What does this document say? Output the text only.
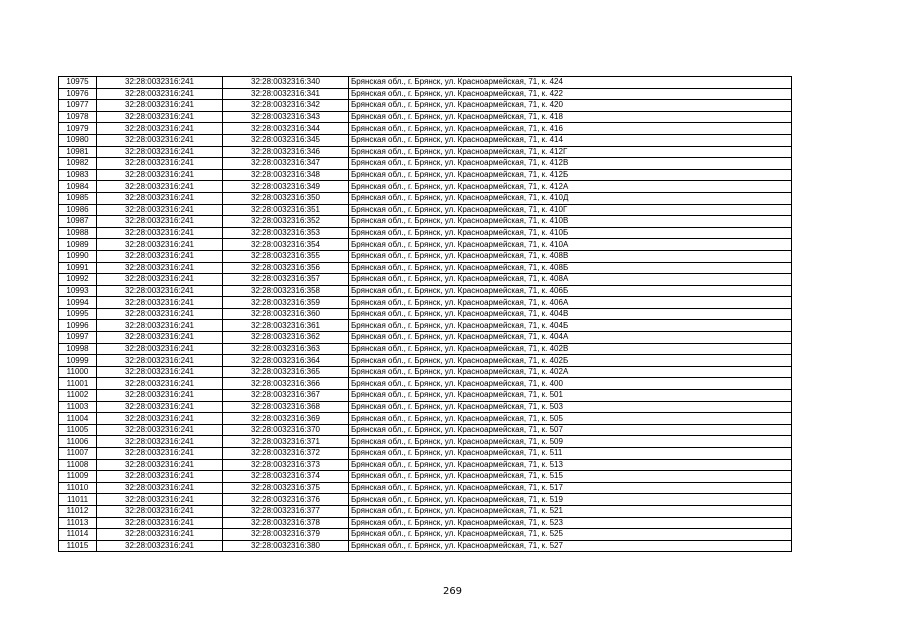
10975	32:28:0032316:241	32:28:0032316:340	Брянская обл., г. Брянск, ул. Красноармейская, 71, к. 424
10976	32:28:0032316:241	32:28:0032316:341	Брянская обл., г. Брянск, ул. Красноармейская, 71, к. 422
10977	32:28:0032316:241	32:28:0032316:342	Брянская обл., г. Брянск, ул. Красноармейская, 71, к. 420
10978	32:28:0032316:241	32:28:0032316:343	Брянская обл., г. Брянск, ул. Красноармейская, 71, к. 418
10979	32:28:0032316:241	32:28:0032316:344	Брянская обл., г. Брянск, ул. Красноармейская, 71, к. 416
10980	32:28:0032316:241	32:28:0032316:345	Брянская обл., г. Брянск, ул. Красноармейская, 71, к. 414
10981	32:28:0032316:241	32:28:0032316:346	Брянская обл., г. Брянск, ул. Красноармейская, 71, к. 412Г
10982	32:28:0032316:241	32:28:0032316:347	Брянская обл., г. Брянск, ул. Красноармейская, 71, к. 412В
10983	32:28:0032316:241	32:28:0032316:348	Брянская обл., г. Брянск, ул. Красноармейская, 71, к. 412Б
10984	32:28:0032316:241	32:28:0032316:349	Брянская обл., г. Брянск, ул. Красноармейская, 71, к. 412А
10985	32:28:0032316:241	32:28:0032316:350	Брянская обл., г. Брянск, ул. Красноармейская, 71, к. 410Д
10986	32:28:0032316:241	32:28:0032316:351	Брянская обл., г. Брянск, ул. Красноармейская, 71, к. 410Г
10987	32:28:0032316:241	32:28:0032316:352	Брянская обл., г. Брянск, ул. Красноармейская, 71, к. 410В
10988	32:28:0032316:241	32:28:0032316:353	Брянская обл., г. Брянск, ул. Красноармейская, 71, к. 410Б
10989	32:28:0032316:241	32:28:0032316:354	Брянская обл., г. Брянск, ул. Красноармейская, 71, к. 410А
10990	32:28:0032316:241	32:28:0032316:355	Брянская обл., г. Брянск, ул. Красноармейская, 71, к. 408В
10991	32:28:0032316:241	32:28:0032316:356	Брянская обл., г. Брянск, ул. Красноармейская, 71, к. 408Б
10992	32:28:0032316:241	32:28:0032316:357	Брянская обл., г. Брянск, ул. Красноармейская, 71, к. 408А
10993	32:28:0032316:241	32:28:0032316:358	Брянская обл., г. Брянск, ул. Красноармейская, 71, к. 406Б
10994	32:28:0032316:241	32:28:0032316:359	Брянская обл., г. Брянск, ул. Красноармейская, 71, к. 406А
10995	32:28:0032316:241	32:28:0032316:360	Брянская обл., г. Брянск, ул. Красноармейская, 71, к. 404В
10996	32:28:0032316:241	32:28:0032316:361	Брянская обл., г. Брянск, ул. Красноармейская, 71, к. 404Б
10997	32:28:0032316:241	32:28:0032316:362	Брянская обл., г. Брянск, ул. Красноармейская, 71, к. 404А
10998	32:28:0032316:241	32:28:0032316:363	Брянская обл., г. Брянск, ул. Красноармейская, 71, к. 402В
10999	32:28:0032316:241	32:28:0032316:364	Брянская обл., г. Брянск, ул. Красноармейская, 71, к. 402Б
11000	32:28:0032316:241	32:28:0032316:365	Брянская обл., г. Брянск, ул. Красноармейская, 71, к. 402А
11001	32:28:0032316:241	32:28:0032316:366	Брянская обл., г. Брянск, ул. Красноармейская, 71, к. 400
11002	32:28:0032316:241	32:28:0032316:367	Брянская обл., г. Брянск, ул. Красноармейская, 71, к. 501
11003	32:28:0032316:241	32:28:0032316:368	Брянская обл., г. Брянск, ул. Красноармейская, 71, к. 503
11004	32:28:0032316:241	32:28:0032316:369	Брянская обл., г. Брянск, ул. Красноармейская, 71, к. 505
11005	32:28:0032316:241	32:28:0032316:370	Брянская обл., г. Брянск, ул. Красноармейская, 71, к. 507
11006	32:28:0032316:241	32:28:0032316:371	Брянская обл., г. Брянск, ул. Красноармейская, 71, к. 509
11007	32:28:0032316:241	32:28:0032316:372	Брянская обл., г. Брянск, ул. Красноармейская, 71, к. 511
11008	32:28:0032316:241	32:28:0032316:373	Брянская обл., г. Брянск, ул. Красноармейская, 71, к. 513
11009	32:28:0032316:241	32:28:0032316:374	Брянская обл., г. Брянск, ул. Красноармейская, 71, к. 515
11010	32:28:0032316:241	32:28:0032316:375	Брянская обл., г. Брянск, ул. Красноармейская, 71, к. 517
11011	32:28:0032316:241	32:28:0032316:376	Брянская обл., г. Брянск, ул. Красноармейская, 71, к. 519
11012	32:28:0032316:241	32:28:0032316:377	Брянская обл., г. Брянск, ул. Красноармейская, 71, к. 521
11013	32:28:0032316:241	32:28:0032316:378	Брянская обл., г. Брянск, ул. Красноармейская, 71, к. 523
11014	32:28:0032316:241	32:28:0032316:379	Брянская обл., г. Брянск, ул. Красноармейская, 71, к. 525
11015	32:28:0032316:241	32:28:0032316:380	Брянская обл., г. Брянск, ул. Красноармейская, 71, к. 527
269
